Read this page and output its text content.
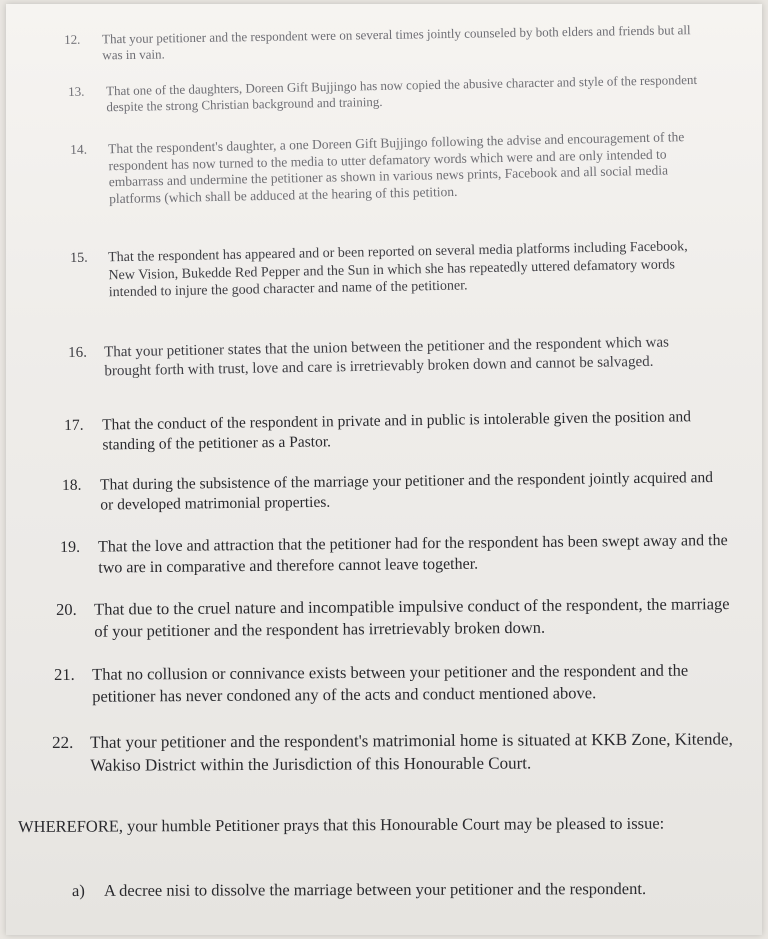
12.	That your petitioner and the respondent were on several times jointly counseled by both elders and friends but all was in vain.
13.	That one of the daughters, Doreen Gift Bujjingo has now copied the abusive character and style of the respondent despite the strong Christian background and training.
14.	That the respondent's daughter, a one Doreen Gift Bujjingo following the advise and encouragement of the respondent has now turned to the media to utter defamatory words which were and are only intended to embarrass and undermine the petitioner as shown in various news prints, Facebook and all social media platforms (which shall be adduced at the hearing of this petition.
15.	That the respondent has appeared and or been reported on several media platforms including Facebook, New Vision, Bukedde Red Pepper and the Sun in which she has repeatedly uttered defamatory words intended to injure the good character and name of the petitioner.
16.	That your petitioner states that the union between the petitioner and the respondent which was brought forth with trust, love and care is irretrievably broken down and cannot be salvaged.
17.	That the conduct of the respondent in private and in public is intolerable given the position and standing of the petitioner as a Pastor.
18.	That during the subsistence of the marriage your petitioner and the respondent jointly acquired and or developed matrimonial properties.
19.	That the love and attraction that the petitioner had for the respondent has been swept away and the two are in comparative and therefore cannot leave together.
20.	That due to the cruel nature and incompatible impulsive conduct of the respondent, the marriage of your petitioner and the respondent has irretrievably broken down.
21.	That no collusion or connivance exists between your petitioner and the respondent and the petitioner has never condoned any of the acts and conduct mentioned above.
22. That your petitioner and the respondent's matrimonial home is situated at KKB Zone, Kitende, Wakiso District within the Jurisdiction of this Honourable Court.
WHEREFORE, your humble Petitioner prays that this Honourable Court may be pleased to issue:
a)	A decree nisi to dissolve the marriage between your petitioner and the respondent.
